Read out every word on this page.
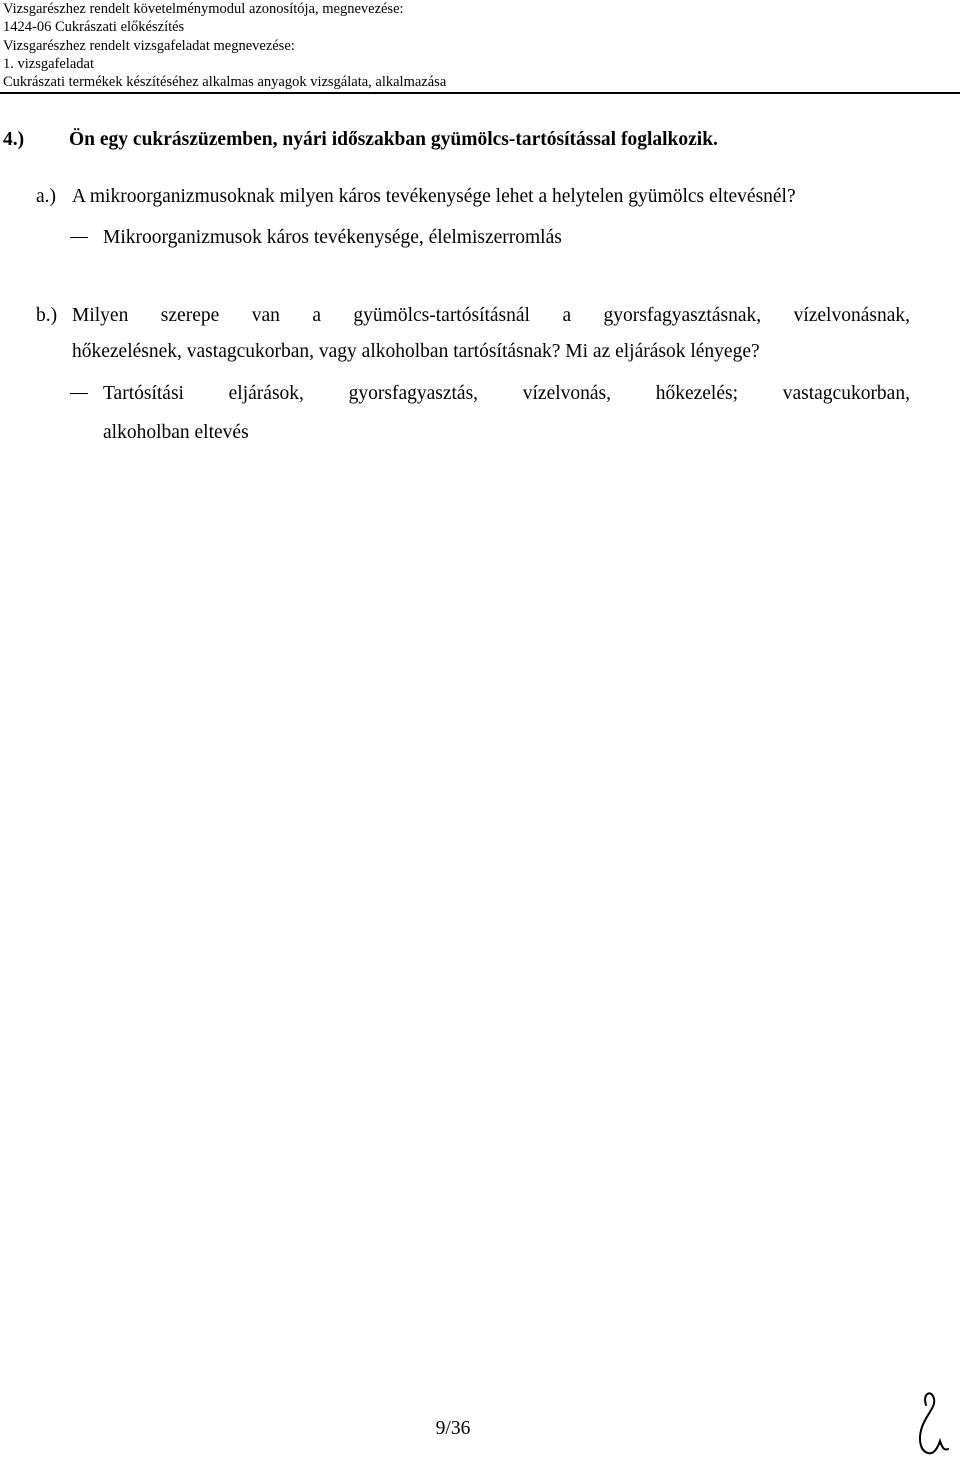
Vizsgarészhez rendelt követelménymodul azonosítója, megnevezése:
1424-06 Cukrászati előkészítés
Vizsgarészhez rendelt vizsgafeladat megnevezése:
1. vizsgafeladat
Cukrászati termékek készítéséhez alkalmas anyagok vizsgálata, alkalmazása
4.) Ön egy cukrászüzemben, nyári időszakban gyümölcs-tartósítással foglalkozik.
a.) A mikroorganizmusoknak milyen káros tevékenysége lehet a helytelen gyümölcs eltevésnél?
Mikroorganizmusok káros tevékenysége, élelmiszerromlás
b.) Milyen szerepe van a gyümölcs-tartósításnál a gyorsfagyasztásnak, vízelvonásnak,
hőkezelésnek, vastagcukorban, vagy alkoholban tartósításnak? Mi az eljárások lényege?
Tartósítási eljárások, gyorsfagyasztás, vízelvonás, hőkezelés; vastagcukorban,
alkoholban eltevés
9/36
